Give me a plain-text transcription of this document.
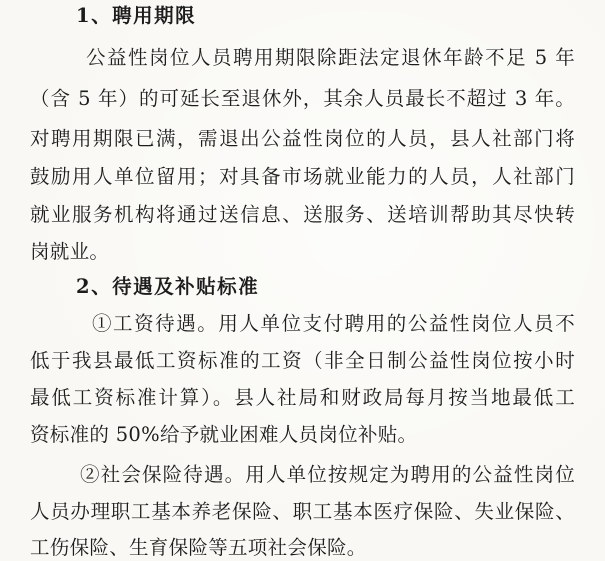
1、聘用期限
公益性岗位人员聘用期限除距法定退休年龄不足 5 年
（含 5 年）的可延长至退休外，其余人员最长不超过 3 年。
对聘用期限已满，需退出公益性岗位的人员，县人社部门将
鼓励用人单位留用；对具备市场就业能力的人员，人社部门
就业服务机构将通过送信息、送服务、送培训帮助其尽快转
岗就业。
2、待遇及补贴标准
①工资待遇。用人单位支付聘用的公益性岗位人员不
低于我县最低工资标准的工资（非全日制公益性岗位按小时
最低工资标准计算）。县人社局和财政局每月按当地最低工
资标准的 50%给予就业困难人员岗位补贴。
②社会保险待遇。用人单位按规定为聘用的公益性岗位
人员办理职工基本养老保险、职工基本医疗保险、失业保险、
工伤保险、生育保险等五项社会保险。
